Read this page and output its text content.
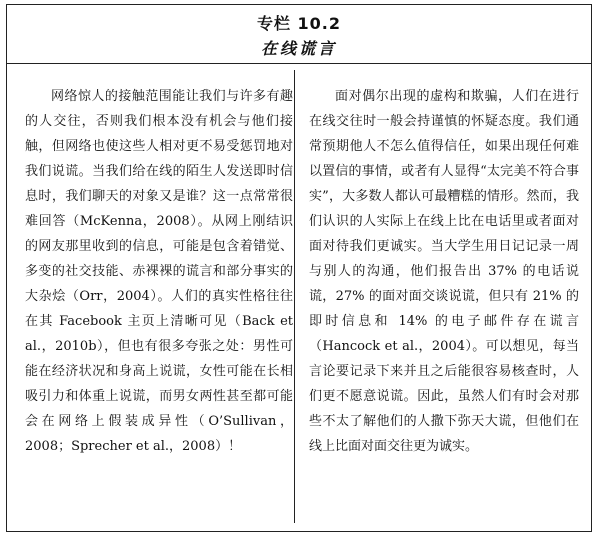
专栏 10.2
在线谎言

网络惊人的接触范围能让我们与许多有趣的人交往，否则我们根本没有机会与他们接触，但网络也使这些人相对更不易受惩罚地对我们说谎。当我们给在线的陌生人发送即时信息时，我们聊天的对象又是谁？这一点常常很难回答（McKenna，2008）。从网上刚结识的网友那里收到的信息，可能是包含着错觉、多变的社交技能、赤裸裸的谎言和部分事实的大杂烩（Orr，2004）。人们的真实性格往往在其 Facebook 主页上清晰可见（Back et al.，2010b），但也有很多夸张之处：男性可能在经济状况和身高上说谎，女性可能在长相吸引力和体重上说谎，而男女两性甚至都可能会在网络上假装成异性（O’Sullivan，2008；Sprecher et al.，2008）！

面对偶尔出现的虚构和欺骗，人们在进行在线交往时一般会持谨慎的怀疑态度。我们通常预期他人不怎么值得信任，如果出现任何难以置信的事情，或者有人显得“太完美不符合事实”，大多数人都认可最糟糕的情形。然而，我们认识的人实际上在线上比在电话里或者面对面对待我们更诚实。当大学生用日记记录一周与别人的沟通，他们报告出 37% 的电话说谎，27% 的面对面交谈说谎，但只有 21% 的即时信息和 14% 的电子邮件存在谎言（Hancock et al.，2004）。可以想见，每当言论要记录下来并且之后能很容易核查时，人们更不愿意说谎。因此，虽然人们有时会对那些不太了解他们的人撒下弥天大谎，但他们在线上比面对面交往更为诚实。
